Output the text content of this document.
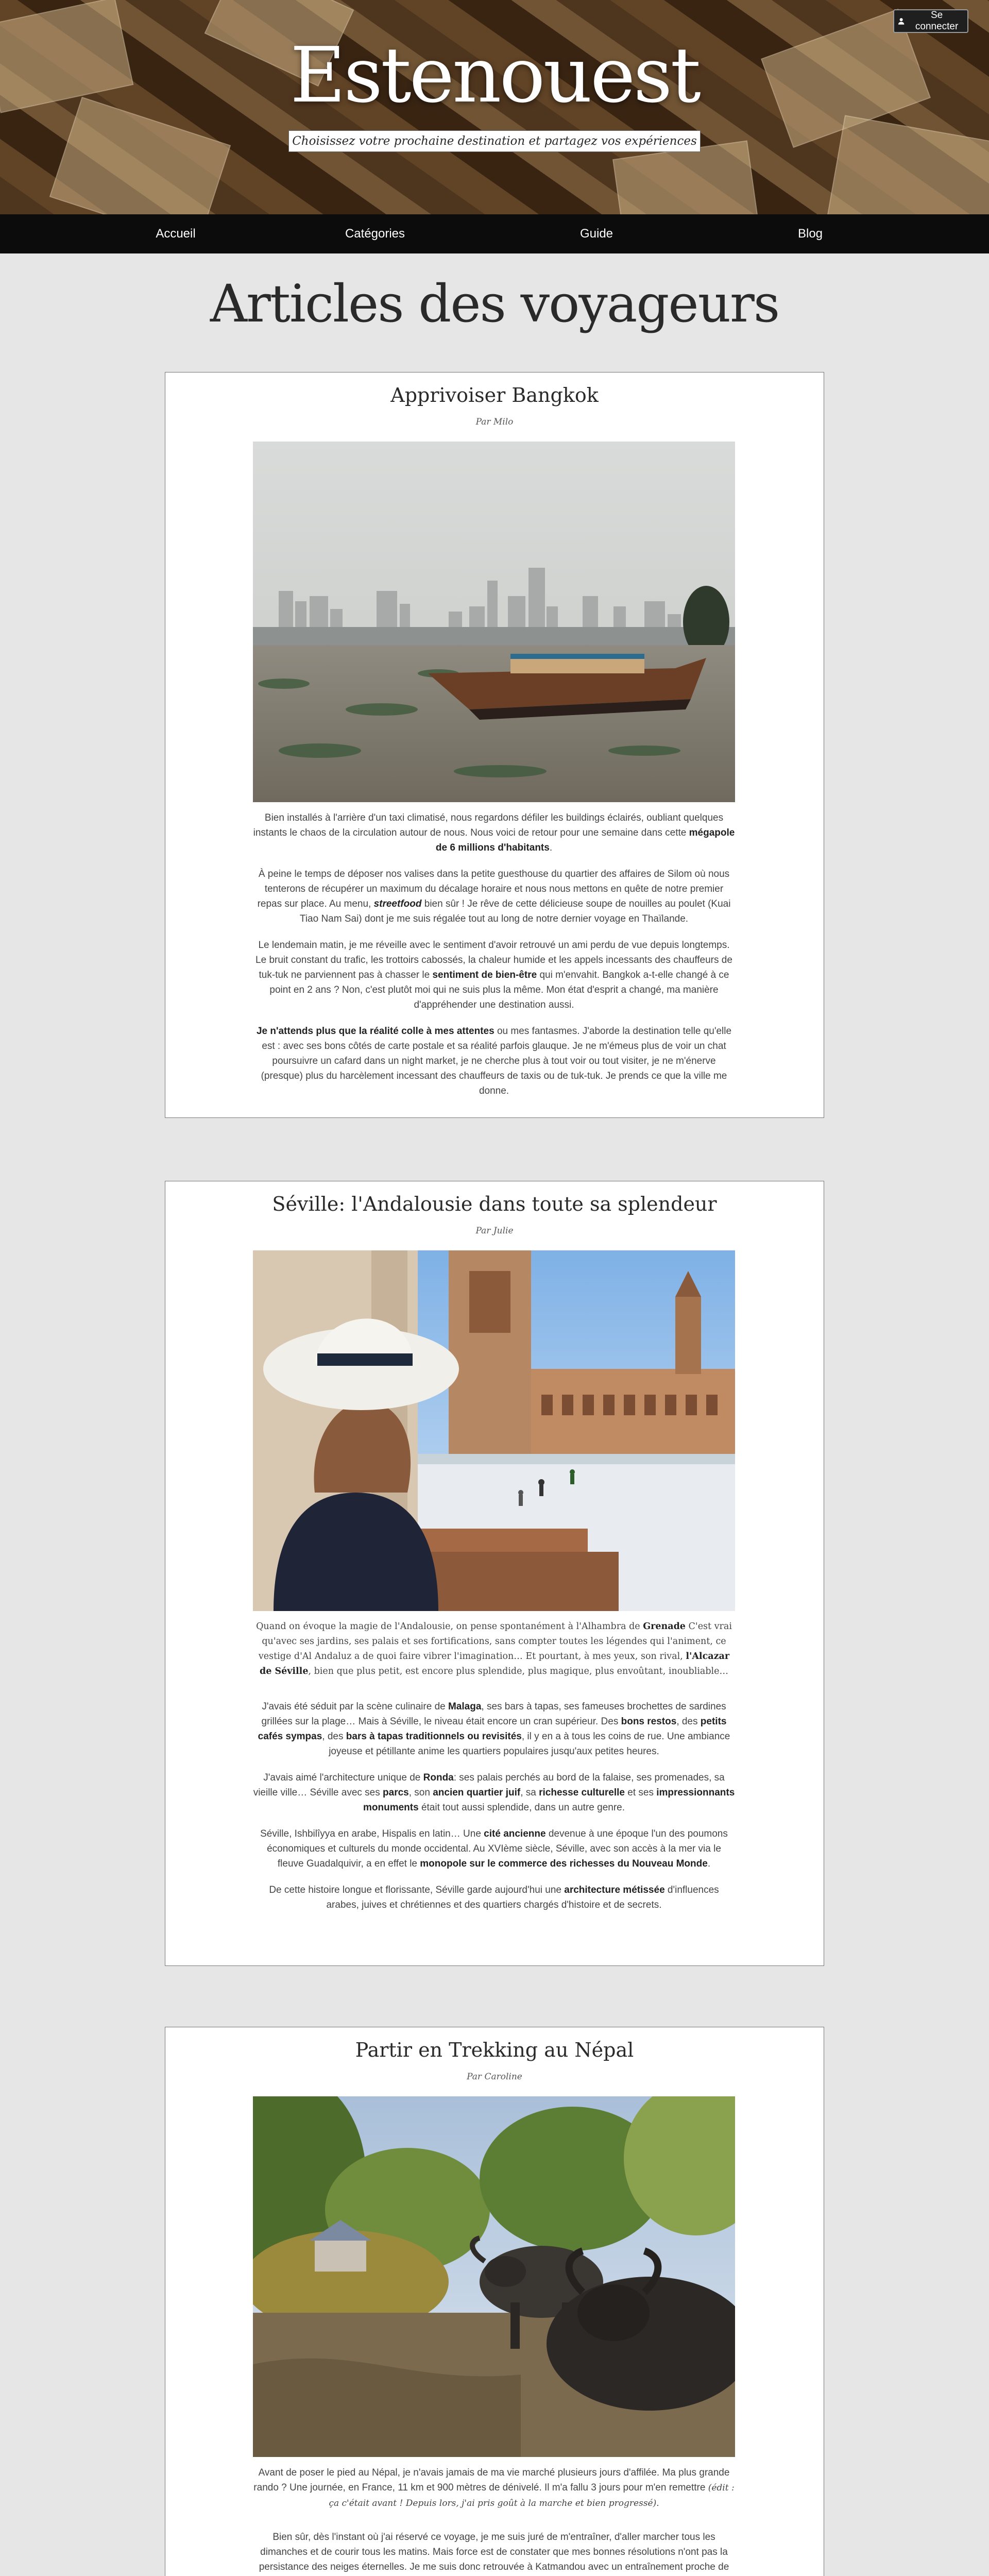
Se connecter
Estenouest
Choisissez votre prochaine destination et partagez vos expériences
Accueil	Catégories	Guide	Blog
Articles des voyageurs
Apprivoiser Bangkok
Par Milo

Bien installés à l'arrière d'un taxi climatisé, nous regardons défiler les buildings éclairés, oubliant quelques instants le chaos de la circulation autour de nous. Nous voici de retour pour une semaine dans cette mégapole de 6 millions d'habitants.

À peine le temps de déposer nos valises dans la petite guesthouse du quartier des affaires de Silom où nous tenterons de récupérer un maximum du décalage horaire et nous nous mettons en quête de notre premier repas sur place. Au menu, streetfood bien sûr ! Je rêve de cette délicieuse soupe de nouilles au poulet (Kuai Tiao Nam Sai) dont je me suis régalée tout au long de notre dernier voyage en Thaïlande.

Le lendemain matin, je me réveille avec le sentiment d'avoir retrouvé un ami perdu de vue depuis longtemps. Le bruit constant du trafic, les trottoirs cabossés, la chaleur humide et les appels incessants des chauffeurs de tuk-tuk ne parviennent pas à chasser le sentiment de bien-être qui m'envahit. Bangkok a-t-elle changé à ce point en 2 ans ? Non, c'est plutôt moi qui ne suis plus la même. Mon état d'esprit a changé, ma manière d'appréhender une destination aussi.

Je n'attends plus que la réalité colle à mes attentes ou mes fantasmes. J'aborde la destination telle qu'elle est : avec ses bons côtés de carte postale et sa réalité parfois glauque. Je ne m'émeus plus de voir un chat poursuivre un cafard dans un night market, je ne cherche plus à tout voir ou tout visiter, je ne m'énerve (presque) plus du harcèlement incessant des chauffeurs de taxis ou de tuk-tuk. Je prends ce que la ville me donne.

Séville: l'Andalousie dans toute sa splendeur
Par Julie

Quand on évoque la magie de l'Andalousie, on pense spontanément à l'Alhambra de Grenade C'est vrai qu'avec ses jardins, ses palais et ses fortifications, sans compter toutes les légendes qui l'animent, ce vestige d'Al Andaluz a de quoi faire vibrer l'imagination… Et pourtant, à mes yeux, son rival, l'Alcazar de Séville, bien que plus petit, est encore plus splendide, plus magique, plus envoûtant, inoubliable…

J'avais été séduit par la scène culinaire de Malaga, ses bars à tapas, ses fameuses brochettes de sardines grillées sur la plage… Mais à Séville, le niveau était encore un cran supérieur. Des bons restos, des petits cafés sympas, des bars à tapas traditionnels ou revisités, il y en a à tous les coins de rue. Une ambiance joyeuse et pétillante anime les quartiers populaires jusqu'aux petites heures.

J'avais aimé l'architecture unique de Ronda: ses palais perchés au bord de la falaise, ses promenades, sa vieille ville… Séville avec ses parcs, son ancien quartier juif, sa richesse culturelle et ses impressionnants monuments était tout aussi splendide, dans un autre genre.

Séville, Ishbilîyya en arabe, Hispalis en latin… Une cité ancienne devenue à une époque l'un des poumons économiques et culturels du monde occidental. Au XVIème siècle, Séville, avec son accès à la mer via le fleuve Guadalquivir, a en effet le monopole sur le commerce des richesses du Nouveau Monde.

De cette histoire longue et florissante, Séville garde aujourd'hui une architecture métissée d'influences arabes, juives et chrétiennes et des quartiers chargés d'histoire et de secrets.

Partir en Trekking au Népal
Par Caroline

Avant de poser le pied au Népal, je n'avais jamais de ma vie marché plusieurs jours d'affilée. Ma plus grande rando ? Une journée, en France, 11 km et 900 mètres de dénivelé. Il m'a fallu 3 jours pour m'en remettre (édit : ça c'était avant ! Depuis lors, j'ai pris goût à la marche et bien progressé).

Bien sûr, dès l'instant où j'ai réservé ce voyage, je me suis juré de m'entraîner, d'aller marcher tous les dimanches et de courir tous les matins. Mais force est de constater que mes bonnes résolutions n'ont pas la persistance des neiges éternelles. Je me suis donc retrouvée à Katmandou avec un entraînement proche de
